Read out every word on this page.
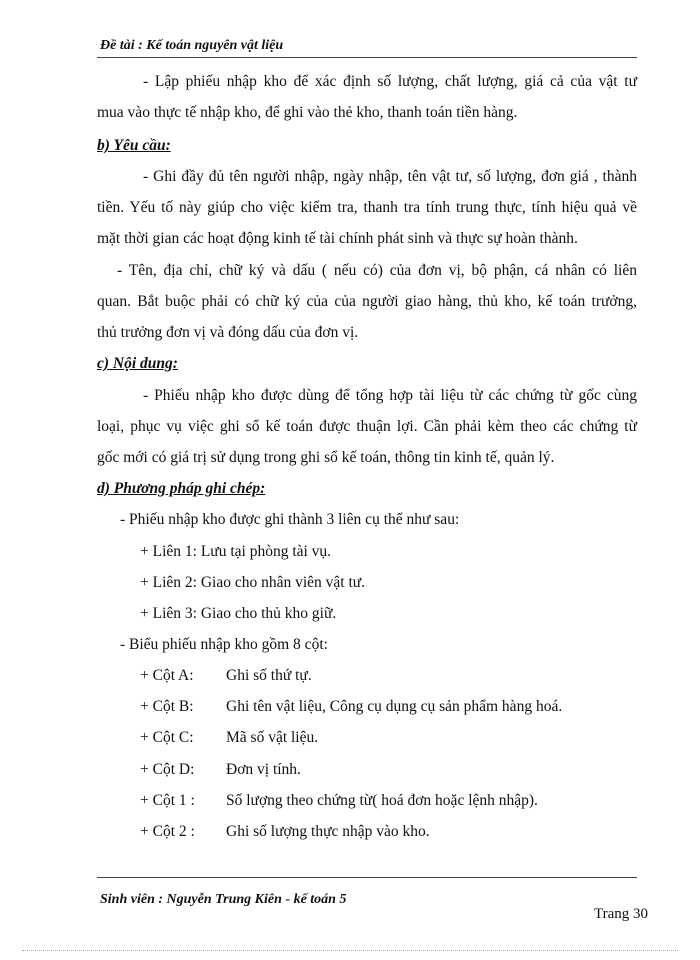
Đề tài : Kế toán nguyên vật liệu
- Lập phiếu nhập kho để xác định số lượng, chất lượng, giá cả của vật tư
mua vào thực tế nhập kho, để ghi vào thẻ kho, thanh toán tiền hàng.
b) Yêu cầu:
- Ghi đầy đủ tên người nhập, ngày nhập, tên vật tư, số lượng, đơn giá , thành
tiền. Yếu tố này giúp cho việc kiểm tra, thanh tra tính trung thực, tính hiệu quả về
mặt thời gian các hoạt động kinh tế tài chính phát sinh và thực sự hoàn thành.
- Tên, địa chỉ, chữ ký và dấu ( nếu có) của đơn vị, bộ phận, cá nhân có liên
quan. Bắt buộc phải có chữ ký của của người giao hàng, thủ kho, kế toán trưởng,
thủ trưởng đơn vị và đóng dấu của đơn vị.
c) Nội dung:
- Phiếu nhập kho được dùng để tổng hợp tài liệu từ các chứng từ gốc cùng
loại, phục vụ việc ghi sổ kế toán được thuận lợi. Cần phải kèm theo các chứng từ
gốc mới có giá trị sử dụng trong ghi sổ kế toán, thông tin kinh tế, quản lý.
d) Phương pháp ghi chép:
- Phiếu nhập kho được ghi thành 3 liên cụ thể như sau:
+ Liên 1: Lưu tại phòng tài vụ.
+ Liên 2: Giao cho nhân viên vật tư.
+ Liên 3: Giao cho thủ kho giữ.
- Biểu phiếu nhập kho gồm 8 cột:
+ Cột A: Ghi số thứ tự.
+ Cột B: Ghi tên vật liệu, Công cụ dụng cụ sản phẩm hàng hoá.
+ Cột C: Mã số vật liệu.
+ Cột D: Đơn vị tính.
+ Cột 1 : Số lượng theo chứng từ( hoá đơn hoặc lệnh nhập).
+ Cột 2 : Ghi số lượng thực nhập vào kho.
Sinh viên : Nguyễn Trung Kiên - kế toán 5
Trang 30
